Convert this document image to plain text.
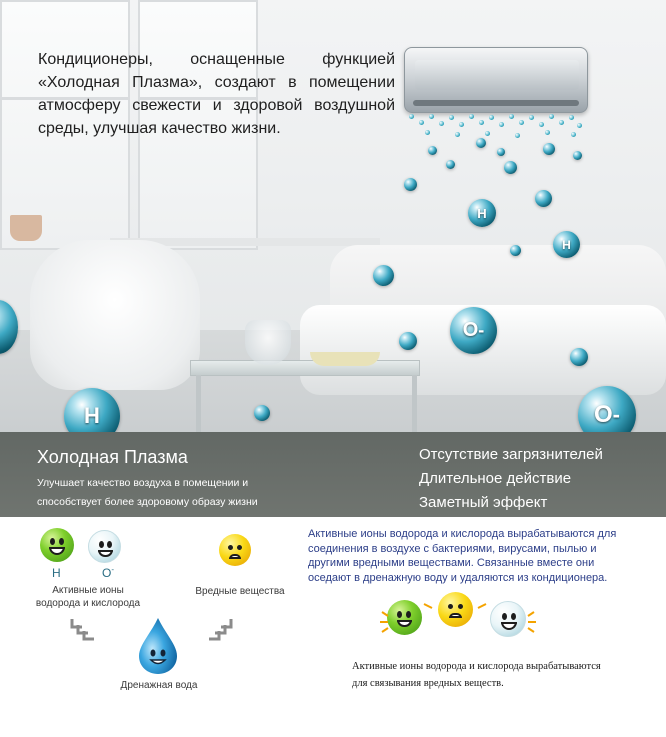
H
H
O -
H	O -

Кондиционеры, оснащенные функцией «Холодная Плазма», создают в помещении атмосферу свежести и здоровой воздушной среды, улучшая качество жизни.

Холодная Плазма
Улучшает качество воздуха в помещении и способствует более здоровому образу жизни
Отсутствие загрязнителей
Длительное действие
Заметный эффект
H	O-
Активные ионы водорода и кислорода
Вредные вещества
Дренажная вода

Активные ионы водорода и кислорода вырабатываются для соединения в воздухе с бактериями, вирусами, пылью и другими вредными веществами. Связанные вместе они оседают в дренажную воду и удаляются из кондиционера.

Активные ионы водорода и кислорода вырабатываются для связывания вредных веществ.
